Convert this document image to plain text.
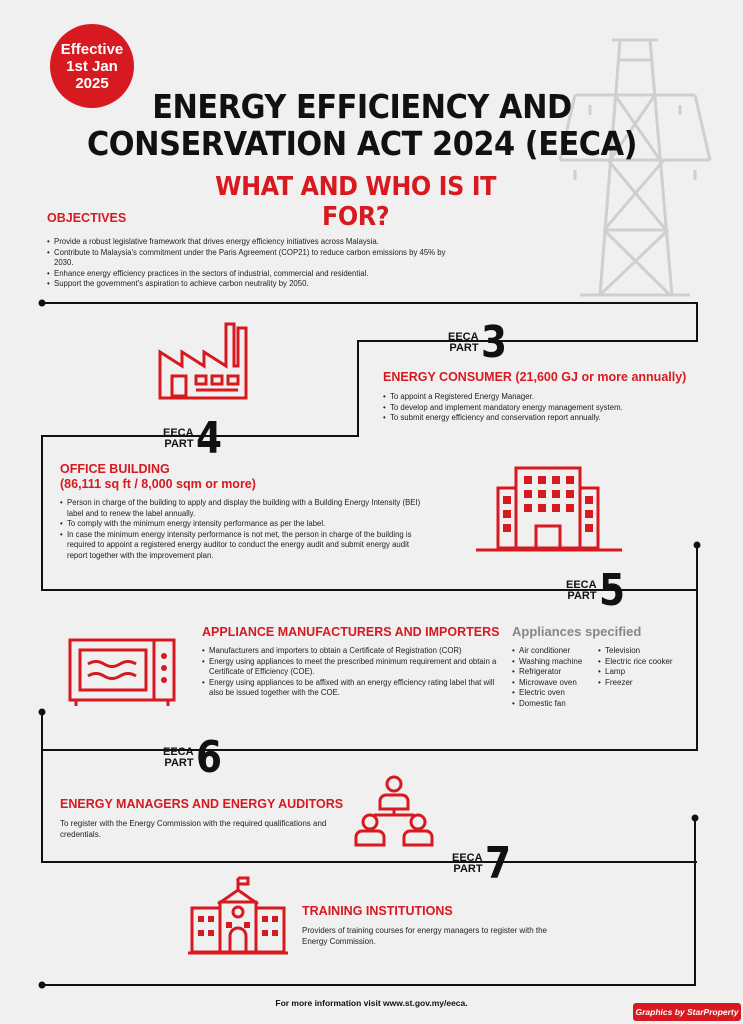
Effective
1st Jan
2025
ENERGY EFFICIENCY AND
CONSERVATION ACT 2024 (EECA)
WHAT AND WHO IS IT FOR?
OBJECTIVES
• Provide a robust legislative framework that drives energy efficiency initiatives across Malaysia.
• Contribute to Malaysia's commitment under the Paris Agreement (COP21) to reduce carbon emissions by 45% by 2030.
• Enhance energy efficiency practices in the sectors of industrial, commercial and residential.
• Support the government's aspiration to achieve carbon neutrality by 2050.
EECA
PART 3
ENERGY CONSUMER (21,600 GJ or more annually)
• To appoint a Registered Energy Manager.
• To develop and implement mandatory energy management system.
• To submit energy efficiency and conservation report annually.
EECA
PART 4
OFFICE BUILDING
(86,111 sq ft / 8,000 sqm or more)
• Person in charge of the building to apply and display the building with a Building Energy Intensity (BEI) label and to renew the label annually.
• To comply with the minimum energy intensity performance as per the label.
• In case the minimum energy intensity performance is not met, the person in charge of the building is required to appoint a registered energy auditor to conduct the energy audit and submit energy audit report together with the improvement plan.
EECA
PART 5
APPLIANCE MANUFACTURERS AND IMPORTERS
• Manufacturers and importers to obtain a Certificate of Registration (COR)
• Energy using appliances to meet the prescribed minimum requirement and obtain a Certificate of Efficiency (COE).
• Energy using appliances to be affixed with an energy efficiency rating label that will also be issued together with the COE.
Appliances specified
• Air conditioner
• Washing machine
• Refrigerator
• Microwave oven
• Electric oven
• Domestic fan
• Television
• Electric rice cooker
• Lamp
• Freezer
EECA
PART 6
ENERGY MANAGERS AND ENERGY AUDITORS
To register with the Energy Commission with the required qualifications and credentials.
EECA
PART 7
TRAINING INSTITUTIONS
Providers of training courses for energy managers to register with the Energy Commission.
For more information visit www.st.gov.my/eeca.
Graphics by StarProperty
